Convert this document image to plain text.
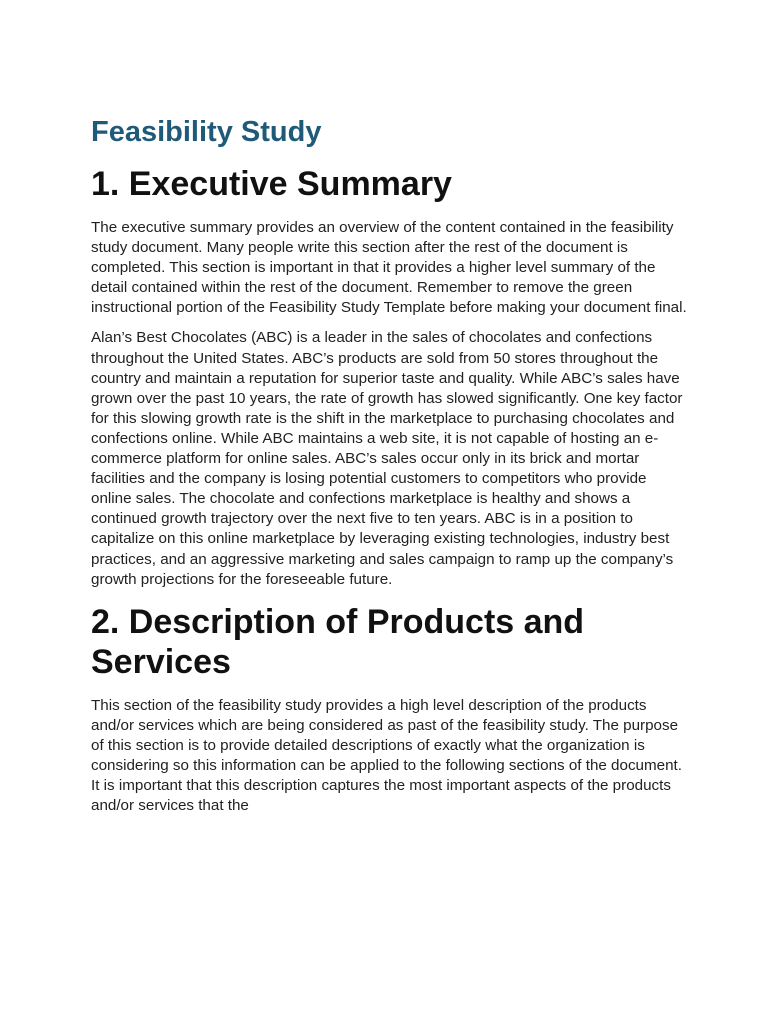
Feasibility Study
1. Executive Summary

The executive summary provides an overview of the content contained in the feasibility study document. Many people write this section after the rest of the document is completed. This section is important in that it provides a higher level summary of the detail contained within the rest of the document. Remember to remove the green instructional portion of the Feasibility Study Template before making your document final.

Alan’s Best Chocolates (ABC) is a leader in the sales of chocolates and confections throughout the United States. ABC’s products are sold from 50 stores throughout the country and maintain a reputation for superior taste and quality. While ABC’s sales have grown over the past 10 years, the rate of growth has slowed significantly. One key factor for this slowing growth rate is the shift in the marketplace to purchasing chocolates and confections online. While ABC maintains a web site, it is not capable of hosting an e-commerce platform for online sales. ABC’s sales occur only in its brick and mortar facilities and the company is losing potential customers to competitors who provide online sales. The chocolate and confections marketplace is healthy and shows a continued growth trajectory over the next five to ten years. ABC is in a position to capitalize on this online marketplace by leveraging existing technologies, industry best practices, and an aggressive marketing and sales campaign to ramp up the company’s growth projections for the foreseeable future.

2. Description of Products and Services

This section of the feasibility study provides a high level description of the products and/or services which are being considered as past of the feasibility study. The purpose of this section is to provide detailed descriptions of exactly what the organization is considering so this information can be applied to the following sections of the document. It is important that this description captures the most important aspects of the products and/or services that the
